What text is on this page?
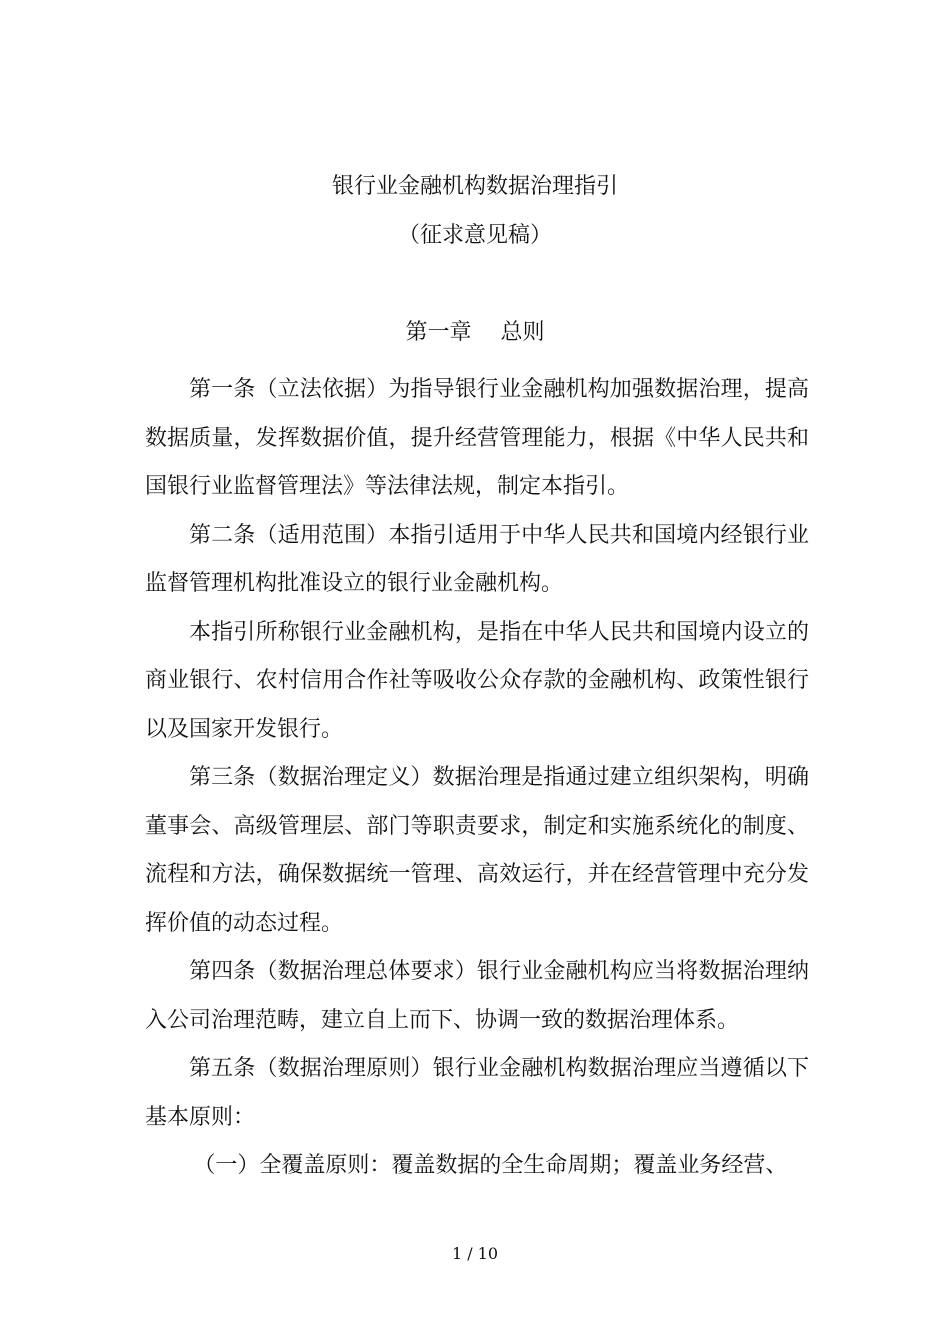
银行业金融机构数据治理指引
（征求意见稿）
第一章　 总则

第一条（立法依据）为指导银行业金融机构加强数据治理，提高数据质量，发挥数据价值，提升经营管理能力，根据《中华人民共和国银行业监督管理法》等法律法规，制定本指引。

第二条（适用范围）本指引适用于中华人民共和国境内经银行业监督管理机构批准设立的银行业金融机构。

本指引所称银行业金融机构，是指在中华人民共和国境内设立的商业银行、农村信用合作社等吸收公众存款的金融机构、政策性银行以及国家开发银行。

第三条（数据治理定义）数据治理是指通过建立组织架构，明确董事会、高级管理层、部门等职责要求，制定和实施系统化的制度、流程和方法，确保数据统一管理、高效运行，并在经营管理中充分发挥价值的动态过程。

第四条（数据治理总体要求）银行业金融机构应当将数据治理纳入公司治理范畴，建立自上而下、协调一致的数据治理体系。

第五条（数据治理原则）银行业金融机构数据治理应当遵循以下基本原则：

（一）全覆盖原则：覆盖数据的全生命周期；覆盖业务经营、

1 / 10
